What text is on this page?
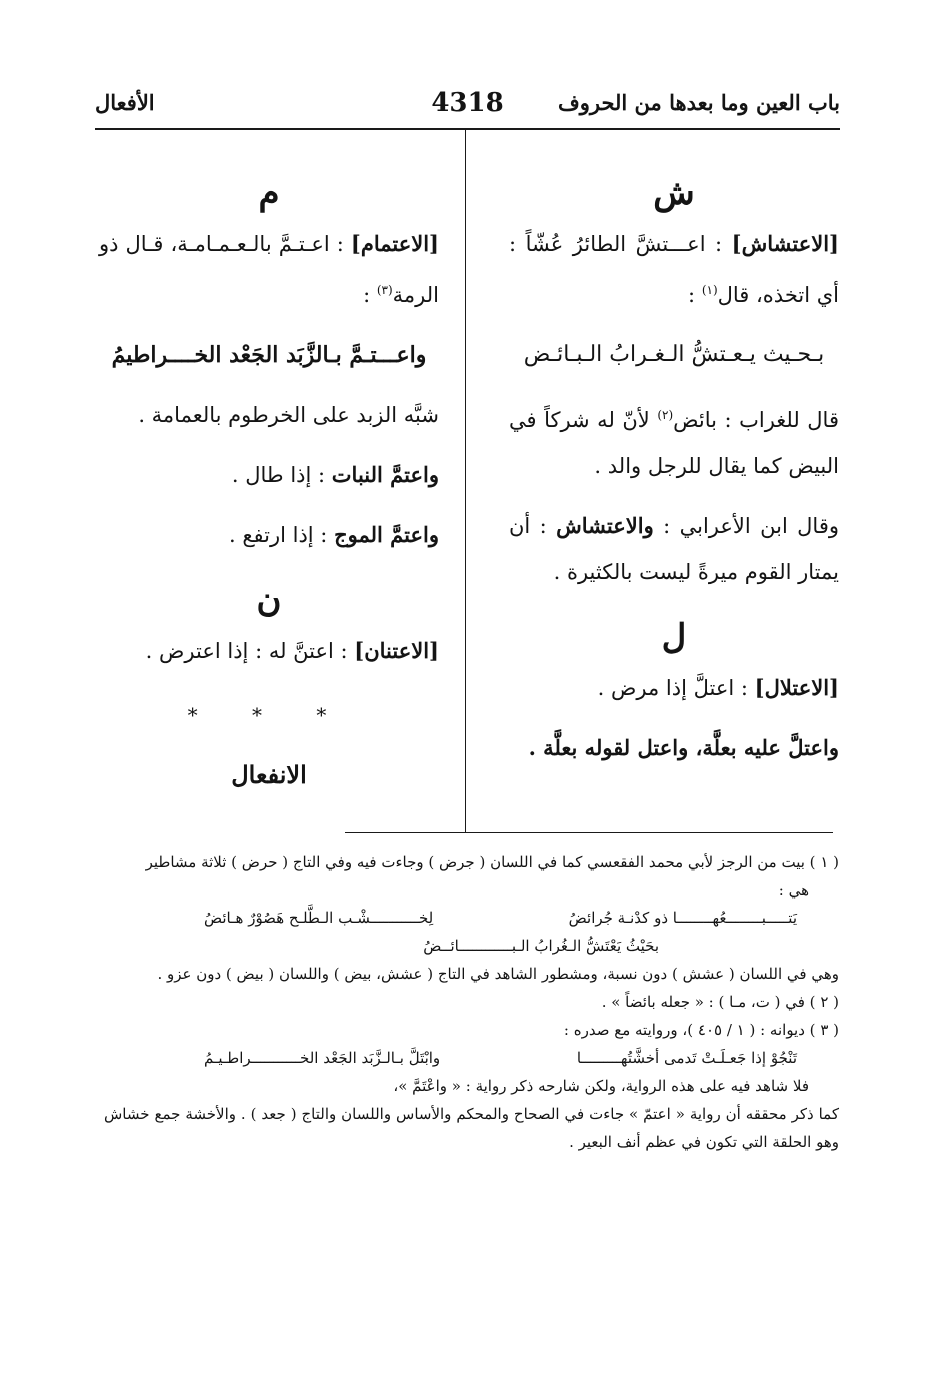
باب العين وما بعدها من الحروف
4318
الأفعال

ش

[الاعتشاش] : اعـــتشَّ الطائرُ عُشّاً : أي اتخذه، قال$^{(١)}$ :

بـحـيث يـعـتشُّ الـغـرابُ الـبـائـض

قال للغراب : بائض$^{(٢)}$ لأنّ له شركاً في البيض كما يقال للرجل والد .

وقال ابن الأعرابي : والاعتشاش : أن يمتار القوم ميرةً ليست بالكثيرة .

ل

[الاعتلال] : اعتلَّ إذا مرض .

واعتلَّ عليه بعلَّة، واعتل لقوله بعلَّة .

م

[الاعتمام] : اعـتـمَّ بالـعـمـامـة، قـال ذو الرمة$^{(٣)}$ :

واعـــتـمَّ بـالزَّبَد الجَعْد الخــــراطيمُ

شبَّه الزبد على الخرطوم بالعمامة .

واعتمَّ النبات : إذا طال .

واعتمَّ الموج : إذا ارتفع .

ن

[الاعتنان] : اعتنَّ له : إذا اعترض .

* * *

الانفعال

( ١ ) بيت من الرجز لأبي محمد الفقعسي كما في اللسان ( جرض ) وجاءت فيه وفي التاج ( حرض ) ثلاثة مشاطير

هي :

يَتـــــبــــــــعُهــــــــا ذو كدْنـة جُرائضُ
لِخـــــــــــشْـب الـطَّلـح هَصُوْرٌ هـائضُ

بحَيْثُ يَعْتَشُّ الـغُرابُ الـبــــــــــــائــضُ

وهي في اللسان ( عشش ) دون نسبة، ومشطور الشاهد في التاج ( عشش، بيض ) واللسان ( بيض ) دون عزو .

( ٢ ) في ( ت، مـا ) : « جعله بائضاً » .

( ٣ ) ديوانه : ( ١ / ٤٠٥ )، وروايته مع صدره :

تَنْجُوْ إذا جَعـلَـتْ تَدمى أخشَّتُهـــــــــا
وابْتَلَّ بـالـزَّبَد الجَعْد الخـــــــــــراطـيـمُ

فلا شاهد فيه على هذه الرواية، ولكن شارحه ذكر رواية : « واعْتَمَّ »،

كما ذكر محققه أن رواية « اعتمّ » جاءت في الصحاح والمحكم والأساس واللسان والتاج ( جعد ) . والأخشة جمع خشاش وهو الحلقة التي تكون في عظم أنف البعير .
